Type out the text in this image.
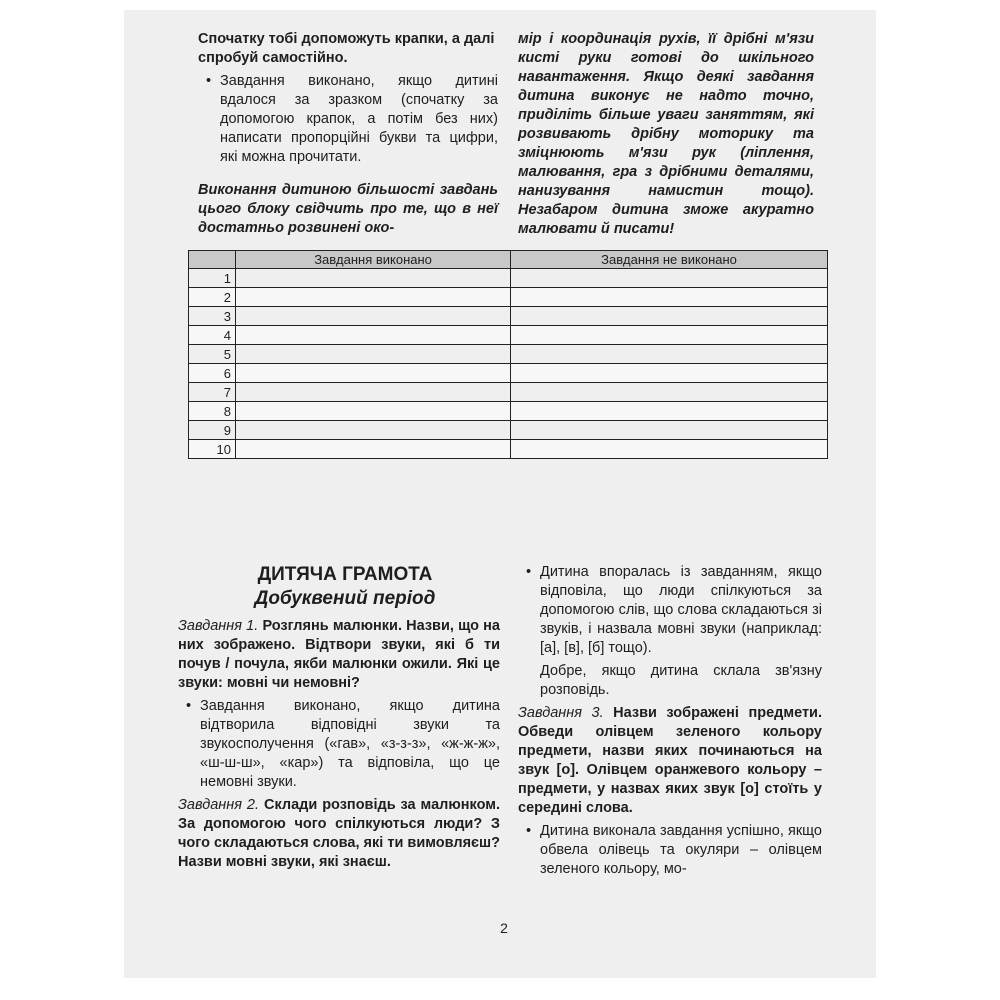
Спочатку тобі допоможуть крапки, а далі спробуй самостійно.

• Завдання виконано, якщо дитині вдалося за зразком (спочатку за допомогою крапок, а потім без них) написати пропорційні букви та цифри, які можна прочитати.

Виконання дитиною більшості завдань цього блоку свідчить про те, що в неї достатньо розвинені око-

мір і координація рухів, її дрібні м'язи кисті руки готові до шкільного навантаження. Якщо деякі завдання дитина виконує не надто точно, приділіть більше уваги заняттям, які розвивають дрібну моторику та зміцнюють м'язи рук (ліплення, малювання, гра з дрібними деталями, нанизування намистин тощо). Незабаром дитина зможе акуратно малювати й писати!

	Завдання виконано	Завдання не виконано
1		
2		
3		
4		
5		
6		
7		
8		
9		
10		
ДИТЯЧА ГРАМОТА
Добуквений період

Завдання 1. Розглянь малюнки. Назви, що на них зображено. Відтвори звуки, які б ти почув / почула, якби малюнки ожили. Які це звуки: мовні чи немовні?

• Завдання виконано, якщо дитина відтворила відповідні звуки та звукосполучення («гав», «з-з-з», «ж-ж-ж», «ш-ш-ш», «кар») та відповіла, що це немовні звуки.

Завдання 2. Склади розповідь за малюнком. За допомогою чого спілкуються люди? З чого складаються слова, які ти вимовляєш? Назви мовні звуки, які знаєш.

• Дитина впоралась із завданням, якщо відповіла, що люди спілкуються за допомогою слів, що слова складаються зі звуків, і назвала мовні звуки (наприклад: [а], [в], [б] тощо).

Добре, якщо дитина склала зв'язну розповідь.

Завдання 3. Назви зображені предмети. Обведи олівцем зеленого кольору предмети, назви яких починаються на звук [о]. Олівцем оранжевого кольору – предмети, у назвах яких звук [о] стоїть у середині слова.

• Дитина виконала завдання успішно, якщо обвела олівець та окуляри – олівцем зеленого кольору, мо-

2
